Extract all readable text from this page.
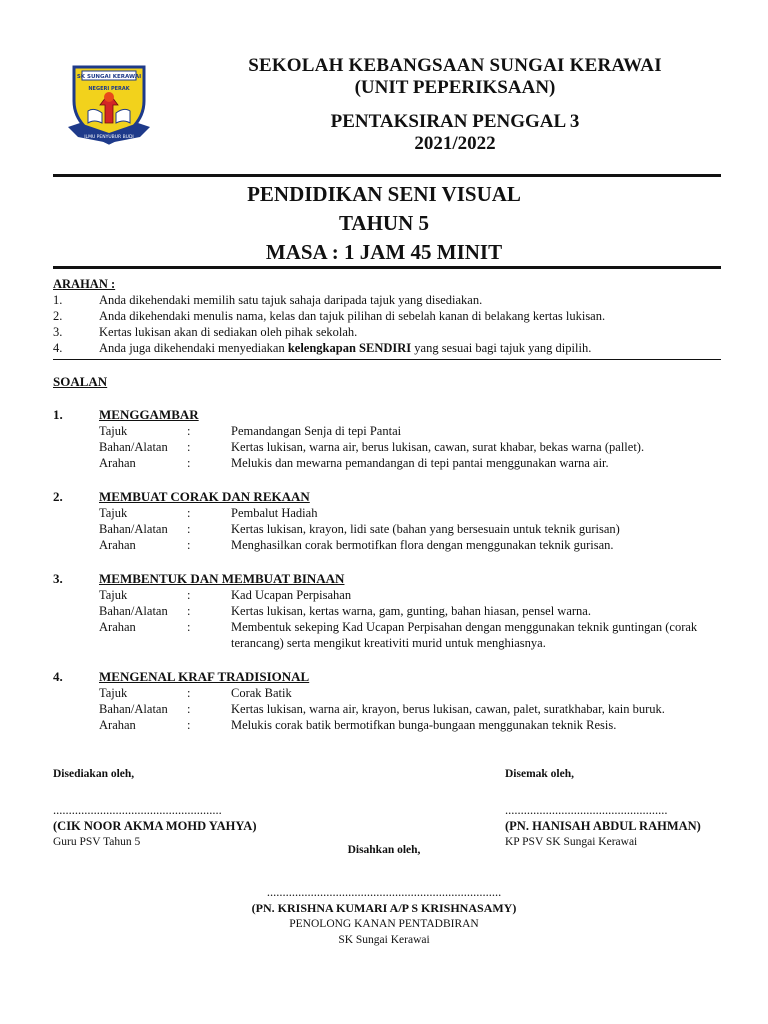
SK SUNGAI KERAWAI
NEGERI PERAK
ILMU PENYUBUR BUDI
SEKOLAH KEBANGSAAN SUNGAI KERAWAI
(UNIT PEPERIKSAAN)
PENTAKSIRAN PENGGAL 3
2021/2022
PENDIDIKAN SENI VISUAL
TAHUN 5
MASA : 1 JAM 45 MINIT
ARAHAN :
1.	Anda dikehendaki memilih satu tajuk sahaja daripada tajuk yang disediakan.
2.	Anda dikehendaki menulis nama, kelas dan tajuk pilihan di sebelah kanan di belakang kertas lukisan.
3.	Kertas lukisan akan di sediakan oleh pihak sekolah.
4.	Anda juga dikehendaki menyediakan kelengkapan SENDIRI yang sesuai bagi tajuk yang dipilih.
SOALAN
1.	MENGGAMBAR
Tajuk	:	Pemandangan Senja di tepi Pantai
Bahan/Alatan	:	Kertas lukisan, warna air, berus lukisan, cawan, surat khabar, bekas warna (pallet).
Arahan	:	Melukis dan mewarna pemandangan di tepi pantai menggunakan warna air.
2.	MEMBUAT CORAK DAN REKAAN
Tajuk	:	Pembalut Hadiah
Bahan/Alatan	:	Kertas lukisan, krayon, lidi sate (bahan yang bersesuain untuk teknik gurisan)
Arahan	:	Menghasilkan corak bermotifkan flora dengan menggunakan teknik gurisan.
3.	MEMBENTUK DAN MEMBUAT BINAAN
Tajuk	:	Kad Ucapan Perpisahan
Bahan/Alatan	:	Kertas lukisan, kertas warna, gam, gunting, bahan hiasan, pensel warna.
Arahan	:	Membentuk sekeping Kad Ucapan Perpisahan dengan menggunakan teknik guntingan (corak terancang) serta mengikut kreativiti murid untuk menghiasnya.
4.	MENGENAL KRAF TRADISIONAL
Tajuk	:	Corak Batik
Bahan/Alatan	:	Kertas lukisan, warna air, krayon, berus lukisan, cawan, palet, suratkhabar, kain buruk.
Arahan	:	Melukis corak batik bermotifkan bunga-bungaan menggunakan teknik Resis.
Disediakan oleh,
......................................................
(CIK NOOR AKMA MOHD YAHYA)
Guru PSV Tahun 5
Disemak oleh,
....................................................
(PN. HANISAH ABDUL RAHMAN)
KP PSV SK Sungai Kerawai
Disahkan oleh,
...........................................................................
(PN. KRISHNA KUMARI A/P S KRISHNASAMY)
PENOLONG KANAN PENTADBIRAN
SK Sungai Kerawai
